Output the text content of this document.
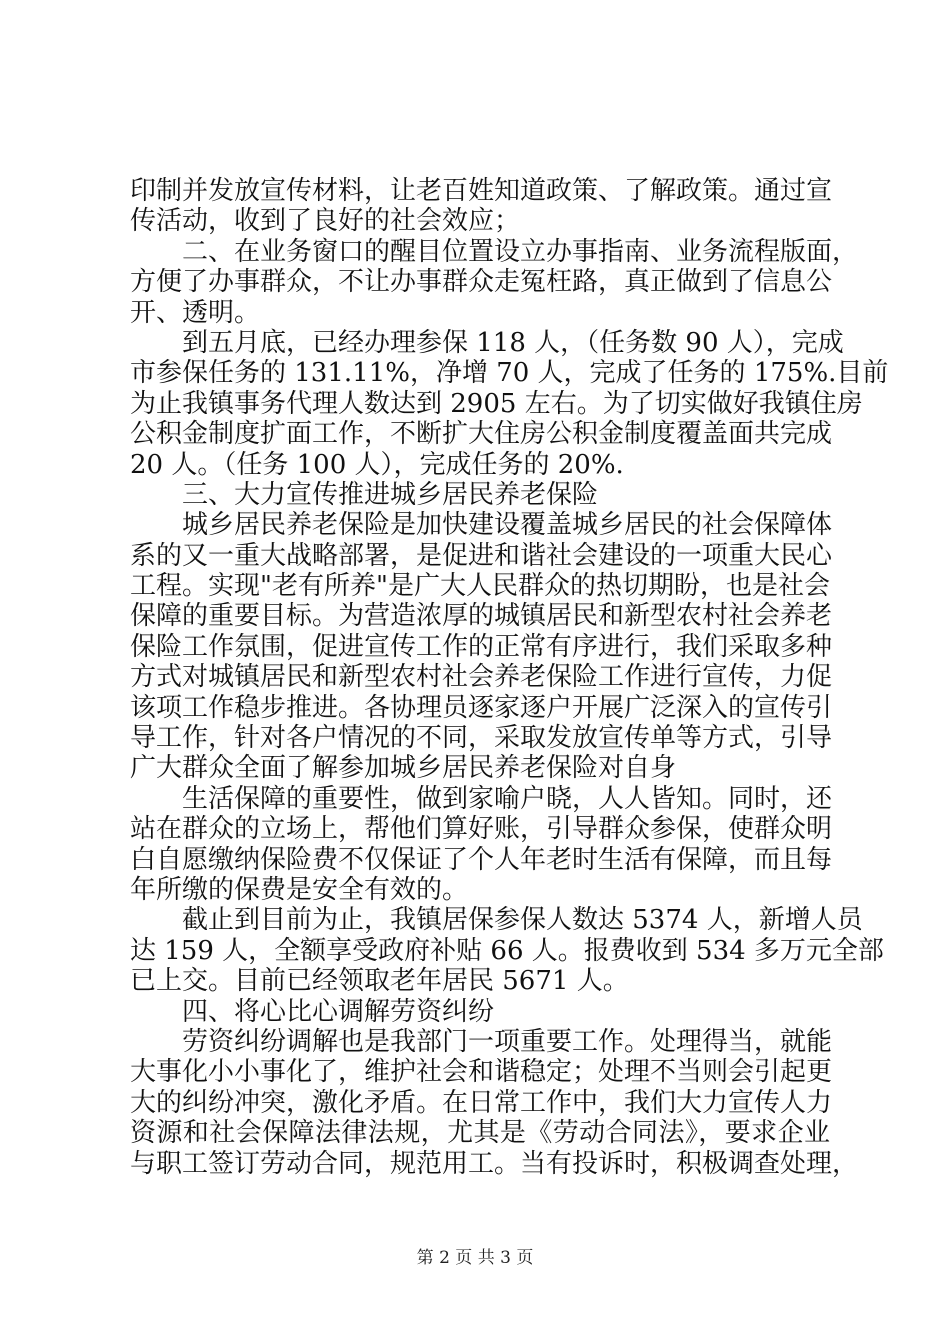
印制并发放宣传材料，让老百姓知道政策、了解政策。通过宣
传活动，收到了良好的社会效应；
二、在业务窗口的醒目位置设立办事指南、业务流程版面，
方便了办事群众，不让办事群众走冤枉路，真正做到了信息公
开、透明。
到五月底，已经办理参保 118 人，（任务数 90 人），完成
市参保任务的 131.11%，净增 70 人，完成了任务的 175%.目前
为止我镇事务代理人数达到 2905 左右。为了切实做好我镇住房
公积金制度扩面工作，不断扩大住房公积金制度覆盖面共完成
20 人。（任务 100 人），完成任务的 20%.
三、大力宣传推进城乡居民养老保险
城乡居民养老保险是加快建设覆盖城乡居民的社会保障体
系的又一重大战略部署，是促进和谐社会建设的一项重大民心
工程。实现"老有所养"是广大人民群众的热切期盼，也是社会
保障的重要目标。为营造浓厚的城镇居民和新型农村社会养老
保险工作氛围，促进宣传工作的正常有序进行，我们采取多种
方式对城镇居民和新型农村社会养老保险工作进行宣传，力促
该项工作稳步推进。各协理员逐家逐户开展广泛深入的宣传引
导工作，针对各户情况的不同，采取发放宣传单等方式，引导
广大群众全面了解参加城乡居民养老保险对自身
生活保障的重要性，做到家喻户晓，人人皆知。同时，还
站在群众的立场上，帮他们算好账，引导群众参保，使群众明
白自愿缴纳保险费不仅保证了个人年老时生活有保障，而且每
年所缴的保费是安全有效的。
截止到目前为止，我镇居保参保人数达 5374 人，新增人员
达 159 人，全额享受政府补贴 66 人。报费收到 534 多万元全部
已上交。目前已经领取老年居民 5671 人。
四、将心比心调解劳资纠纷
劳资纠纷调解也是我部门一项重要工作。处理得当，就能
大事化小小事化了，维护社会和谐稳定；处理不当则会引起更
大的纠纷冲突，激化矛盾。在日常工作中，我们大力宣传人力
资源和社会保障法律法规，尤其是《劳动合同法》，要求企业
与职工签订劳动合同，规范用工。当有投诉时，积极调查处理，
第 2 页 共 3 页
